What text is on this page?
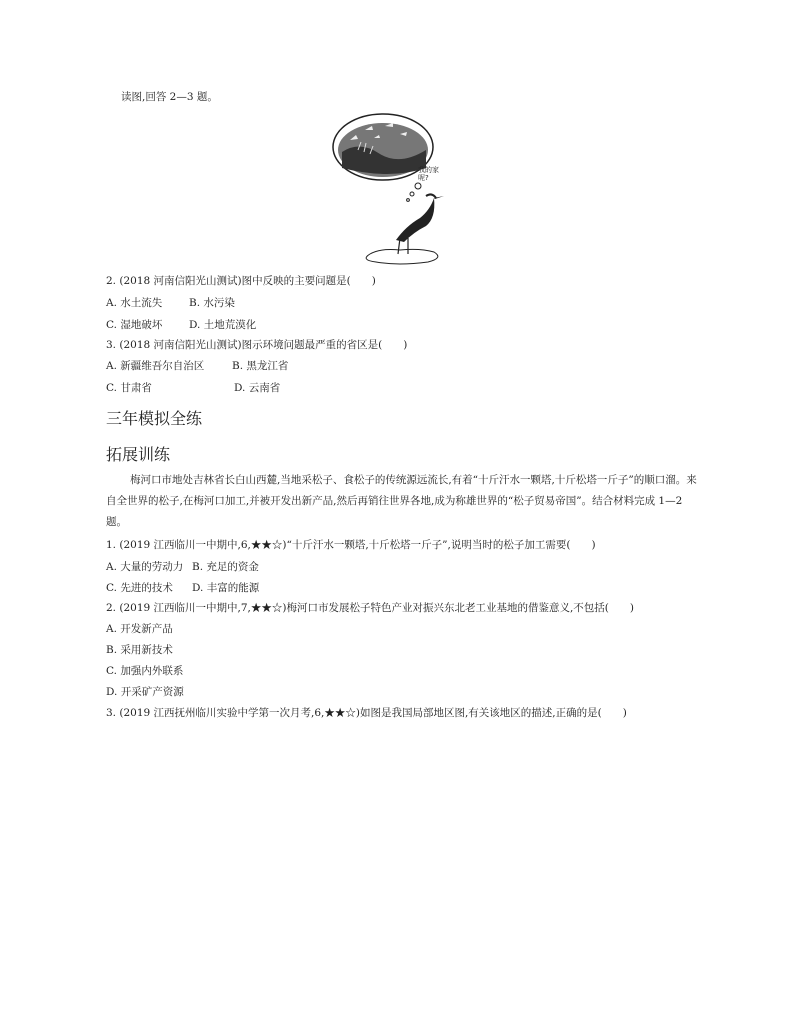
读图,回答 2—3 题。
我的家呢?
2. (2018 河南信阳光山测试)图中反映的主要问题是(　　)
A. 水土流失	B. 水污染
C. 湿地破坏	D. 土地荒漠化
3. (2018 河南信阳光山测试)图示环境问题最严重的省区是(　　)
A. 新疆维吾尔自治区	B. 黑龙江省
C. 甘肃省	D. 云南省
三年模拟全练
拓展训练
梅河口市地处吉林省长白山西麓,当地采松子、食松子的传统源远流长,有着“十斤汗水一颗塔,十斤松塔一斤子”的顺口溜。来自全世界的松子,在梅河口加工,并被开发出新产品,然后再销往世界各地,成为称雄世界的“松子贸易帝国”。结合材料完成 1—2 题。
1. (2019 江西临川一中期中,6,★★☆)“十斤汗水一颗塔,十斤松塔一斤子”,说明当时的松子加工需要(　　)
A. 大量的劳动力 B. 充足的资金
C. 先进的技术 D. 丰富的能源
2. (2019 江西临川一中期中,7,★★☆)梅河口市发展松子特色产业对振兴东北老工业基地的借鉴意义,不包括(　　)
A. 开发新产品
B. 采用新技术
C. 加强内外联系
D. 开采矿产资源
3. (2019 江西抚州临川实验中学第一次月考,6,★★☆)如图是我国局部地区图,有关该地区的描述,正确的是(　　)
